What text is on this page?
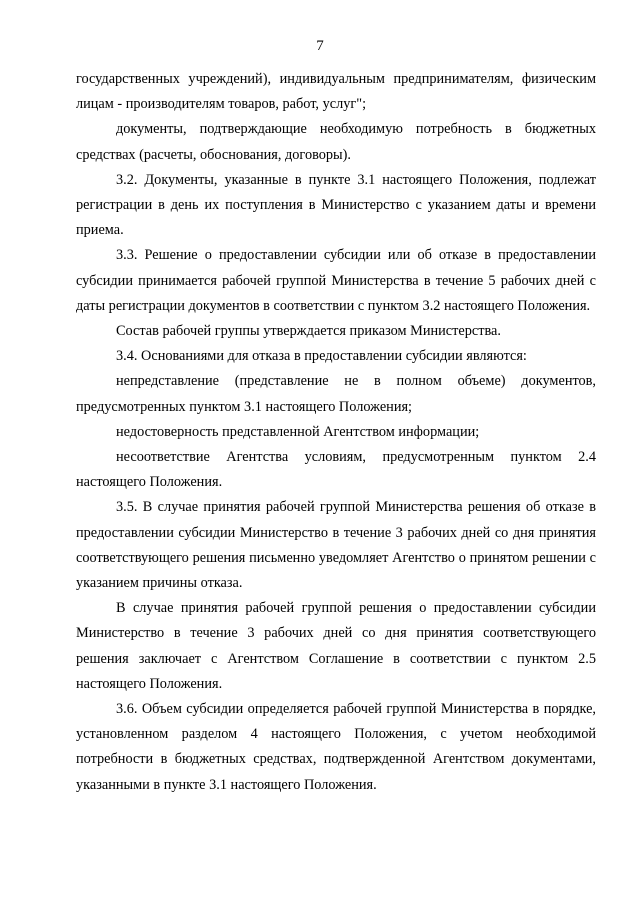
7

государственных учреждений), индивидуальным предпринимателям, физическим лицам - производителям товаров, работ, услуг";

документы, подтверждающие необходимую потребность в бюджетных средствах (расчеты, обоснования, договоры).

3.2. Документы, указанные в пункте 3.1 настоящего Положения, подлежат регистрации в день их поступления в Министерство с указанием даты и времени приема.

3.3. Решение о предоставлении субсидии или об отказе в предоставлении субсидии принимается рабочей группой Министерства в течение 5 рабочих дней с даты регистрации документов в соответствии с пунктом 3.2 настоящего Положения.

Состав рабочей группы утверждается приказом Министерства.

3.4. Основаниями для отказа в предоставлении субсидии являются:

непредставление (представление не в полном объеме) документов, предусмотренных пунктом 3.1 настоящего Положения;

недостоверность представленной Агентством информации;

несоответствие Агентства условиям, предусмотренным пунктом 2.4 настоящего Положения.

3.5. В случае принятия рабочей группой Министерства решения об отказе в предоставлении субсидии Министерство в течение 3 рабочих дней со дня принятия соответствующего решения письменно уведомляет Агентство о принятом решении с указанием причины отказа.

В случае принятия рабочей группой решения о предоставлении субсидии Министерство в течение 3 рабочих дней со дня принятия соответствующего решения заключает с Агентством Соглашение в соответствии с пунктом 2.5 настоящего Положения.

3.6. Объем субсидии определяется рабочей группой Министерства в порядке, установленном разделом 4 настоящего Положения, с учетом необходимой потребности в бюджетных средствах, подтвержденной Агентством документами, указанными в пункте 3.1 настоящего Положения.
